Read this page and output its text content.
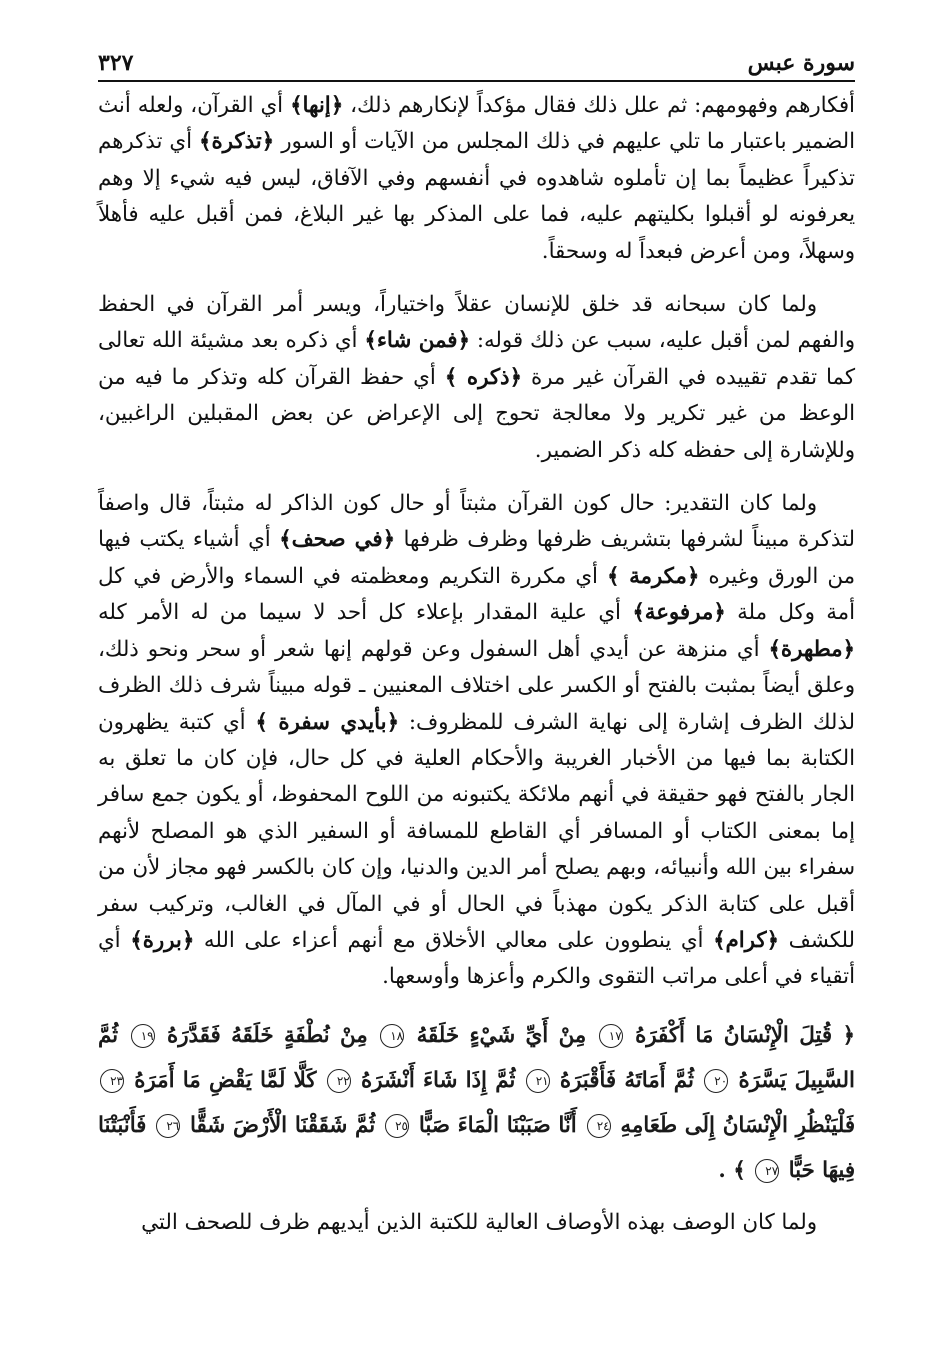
سورة عبس
٣٢٧

أفكارهم وفهومهم: ثم علل ذلك فقال مؤكداً لإنكارهم ذلك، ﴿إنها﴾ أي القرآن، ولعله أنث الضمير باعتبار ما تلي عليهم في ذلك المجلس من الآيات أو السور ﴿تذكرة﴾ أي تذكرهم تذكيراً عظيماً بما إن تأملوه شاهدوه في أنفسهم وفي الآفاق، ليس فيه شيء إلا وهم يعرفونه لو أقبلوا بكليتهم عليه، فما على المذكر بها غير البلاغ، فمن أقبل عليه فأهلاً وسهلاً، ومن أعرض فبعداً له وسحقاً.

ولما كان سبحانه قد خلق للإنسان عقلاً واختياراً، ويسر أمر القرآن في الحفظ والفهم لمن أقبل عليه، سبب عن ذلك قوله: ﴿فمن شاء﴾ أي ذكره بعد مشيئة الله تعالى كما تقدم تقييده في القرآن غير مرة ﴿ذكره ﴾ أي حفظ القرآن كله وتذكر ما فيه من الوعظ من غير تكرير ولا معالجة تحوج إلى الإعراض عن بعض المقبلين الراغبين، وللإشارة إلى حفظه كله ذكر الضمير.

ولما كان التقدير: حال كون القرآن مثبتاً أو حال كون الذاكر له مثبتاً، قال واصفاً لتذكرة مبيناً لشرفها بتشريف ظرفها وظرف ظرفها ﴿في صحف﴾ أي أشياء يكتب فيها من الورق وغيره ﴿مكرمة ﴾ أي مكررة التكريم ومعظمته في السماء والأرض في كل أمة وكل ملة ﴿مرفوعة﴾ أي علية المقدار بإعلاء كل أحد لا سيما من له الأمر كله ﴿مطهرة﴾ أي منزهة عن أيدي أهل السفول وعن قولهم إنها شعر أو سحر ونحو ذلك، وعلق أيضاً بمثبت بالفتح أو الكسر على اختلاف المعنيين ـ قوله مبيناً شرف ذلك الظرف لذلك الظرف إشارة إلى نهاية الشرف للمظروف: ﴿بأيدي سفرة ﴾ أي كتبة يظهرون الكتابة بما فيها من الأخبار الغريبة والأحكام العلية في كل حال، فإن كان ما تعلق به الجار بالفتح فهو حقيقة في أنهم ملائكة يكتبونه من اللوح المحفوظ، أو يكون جمع سافر إما بمعنى الكتاب أو المسافر أي القاطع للمسافة أو السفير الذي هو المصلح لأنهم سفراء بين الله وأنبيائه، وبهم يصلح أمر الدين والدنيا، وإن كان بالكسر فهو مجاز لأن من أقبل على كتابة الذكر يكون مهذباً في الحال أو في المآل في الغالب، وتركيب سفر للكشف ﴿كرام﴾ أي ينطوون على معالي الأخلاق مع أنهم أعزاء على الله ﴿بررة﴾ أي أتقياء في أعلى مراتب التقوى والكرم وأعزها وأوسعها.

﴿ قُتِلَ الْإِنْسَانُ مَا أَكْفَرَهُ ١٧ مِنْ أَيِّ شَيْءٍ خَلَقَهُ ١٨ مِنْ نُطْفَةٍ خَلَقَهُ فَقَدَّرَهُ ١٩ ثُمَّ السَّبِيلَ يَسَّرَهُ ٢٠ ثُمَّ أَمَاتَهُ فَأَقْبَرَهُ ٢١ ثُمَّ إِذَا شَاءَ أَنْشَرَهُ ٢٢ كَلَّا لَمَّا يَقْضِ مَا أَمَرَهُ ٢٣ فَلْيَنْظُرِ الْإِنْسَانُ إِلَى طَعَامِهِ ٢٤ أَنَّا صَبَبْنَا الْمَاءَ صَبًّا ٢٥ ثُمَّ شَقَقْنَا الْأَرْضَ شَقًّا ٢٦ فَأَنْبَتْنَا فِيهَا حَبًّا ٢٧ ﴾ .

ولما كان الوصف بهذه الأوصاف العالية للكتبة الذين أيديهم ظرف للصحف التي
